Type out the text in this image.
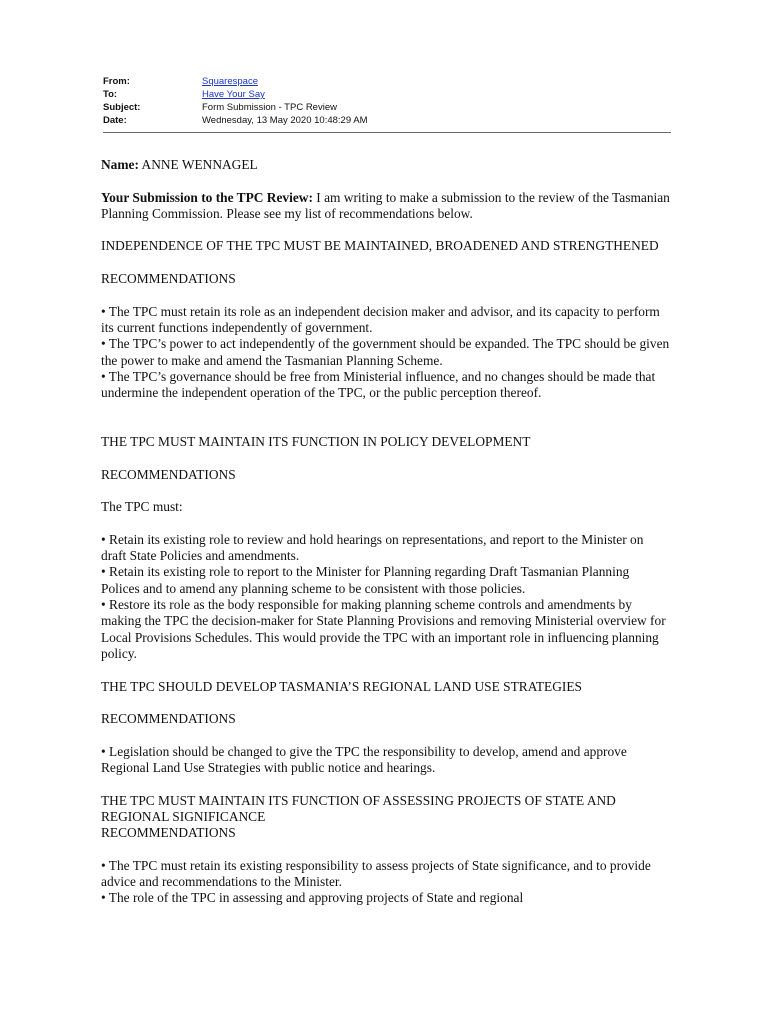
From:	Squarespace
To:	Have Your Say
Subject:	Form Submission - TPC Review
Date:	Wednesday, 13 May 2020 10:48:29 AM

Name: ANNE WENNAGEL

Your Submission to the TPC Review: I am writing to make a submission to the review of the Tasmanian Planning Commission. Please see my list of recommendations below.

INDEPENDENCE OF THE TPC MUST BE MAINTAINED, BROADENED AND STRENGTHENED

RECOMMENDATIONS

• The TPC must retain its role as an independent decision maker and advisor, and its capacity to perform its current functions independently of government.

• The TPC’s power to act independently of the government should be expanded. The TPC should be given the power to make and amend the Tasmanian Planning Scheme.

• The TPC’s governance should be free from Ministerial influence, and no changes should be made that undermine the independent operation of the TPC, or the public perception thereof.

THE TPC MUST MAINTAIN ITS FUNCTION IN POLICY DEVELOPMENT

RECOMMENDATIONS

The TPC must:

• Retain its existing role to review and hold hearings on representations, and report to the Minister on draft State Policies and amendments.

• Retain its existing role to report to the Minister for Planning regarding Draft Tasmanian Planning Polices and to amend any planning scheme to be consistent with those policies.

• Restore its role as the body responsible for making planning scheme controls and amendments by making the TPC the decision-maker for State Planning Provisions and removing Ministerial overview for Local Provisions Schedules. This would provide the TPC with an important role in influencing planning policy.

THE TPC SHOULD DEVELOP TASMANIA’S REGIONAL LAND USE STRATEGIES

RECOMMENDATIONS

• Legislation should be changed to give the TPC the responsibility to develop, amend and approve Regional Land Use Strategies with public notice and hearings.

THE TPC MUST MAINTAIN ITS FUNCTION OF ASSESSING PROJECTS OF STATE AND REGIONAL SIGNIFICANCE

RECOMMENDATIONS

• The TPC must retain its existing responsibility to assess projects of State significance, and to provide advice and recommendations to the Minister.

• The role of the TPC in assessing and approving projects of State and regional
